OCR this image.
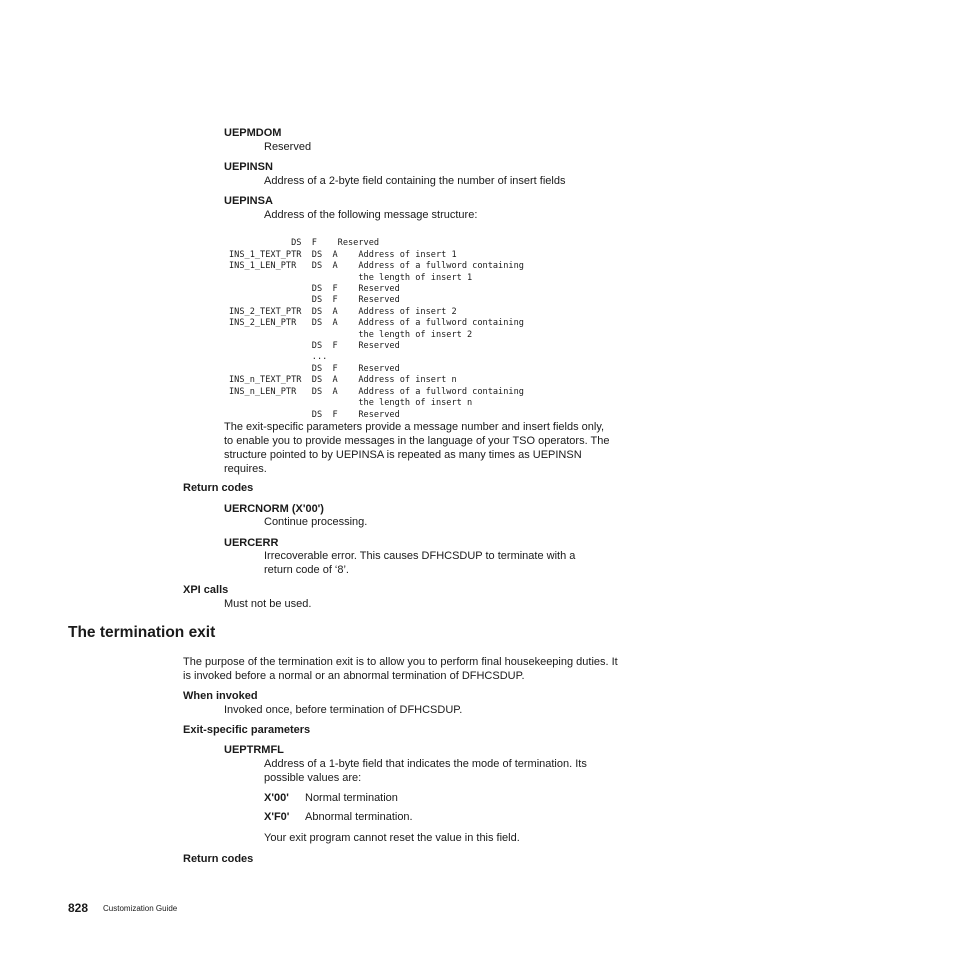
UEPMDOM
Reserved
UEPINSN
Address of a 2-byte field containing the number of insert fields
UEPINSA
Address of the following message structure:

DS  F    Reserved
INS_1_TEXT_PTR  DS  A    Address of insert 1
INS_1_LEN_PTR   DS  A    Address of a fullword containing
the length of insert 1
DS  F    Reserved
DS  F    Reserved
INS_2_TEXT_PTR  DS  A    Address of insert 2
INS_2_LEN_PTR   DS  A    Address of a fullword containing
the length of insert 2
DS  F    Reserved
...
DS  F    Reserved
INS_n_TEXT_PTR  DS  A    Address of insert n
INS_n_LEN_PTR   DS  A    Address of a fullword containing
the length of insert n
DS  F    Reserved

The exit-specific parameters provide a message number and insert fields only, to enable you to provide messages in the language of your TSO operators. The structure pointed to by UEPINSA is repeated as many times as UEPINSN requires.

Return codes
UERCNORM (X'00')
Continue processing.
UERCERR

Irrecoverable error. This causes DFHCSDUP to terminate with a return code of ‘8’.

XPI calls
Must not be used.
The termination exit

The purpose of the termination exit is to allow you to perform final housekeeping duties. It is invoked before a normal or an abnormal termination of DFHCSDUP.

When invoked
Invoked once, before termination of DFHCSDUP.
Exit-specific parameters
UEPTRMFL

Address of a 1-byte field that indicates the mode of termination. Its possible values are:

X'00' Normal termination
X'F0' Abnormal termination.
Your exit program cannot reset the value in this field.
Return codes
828 Customization Guide
